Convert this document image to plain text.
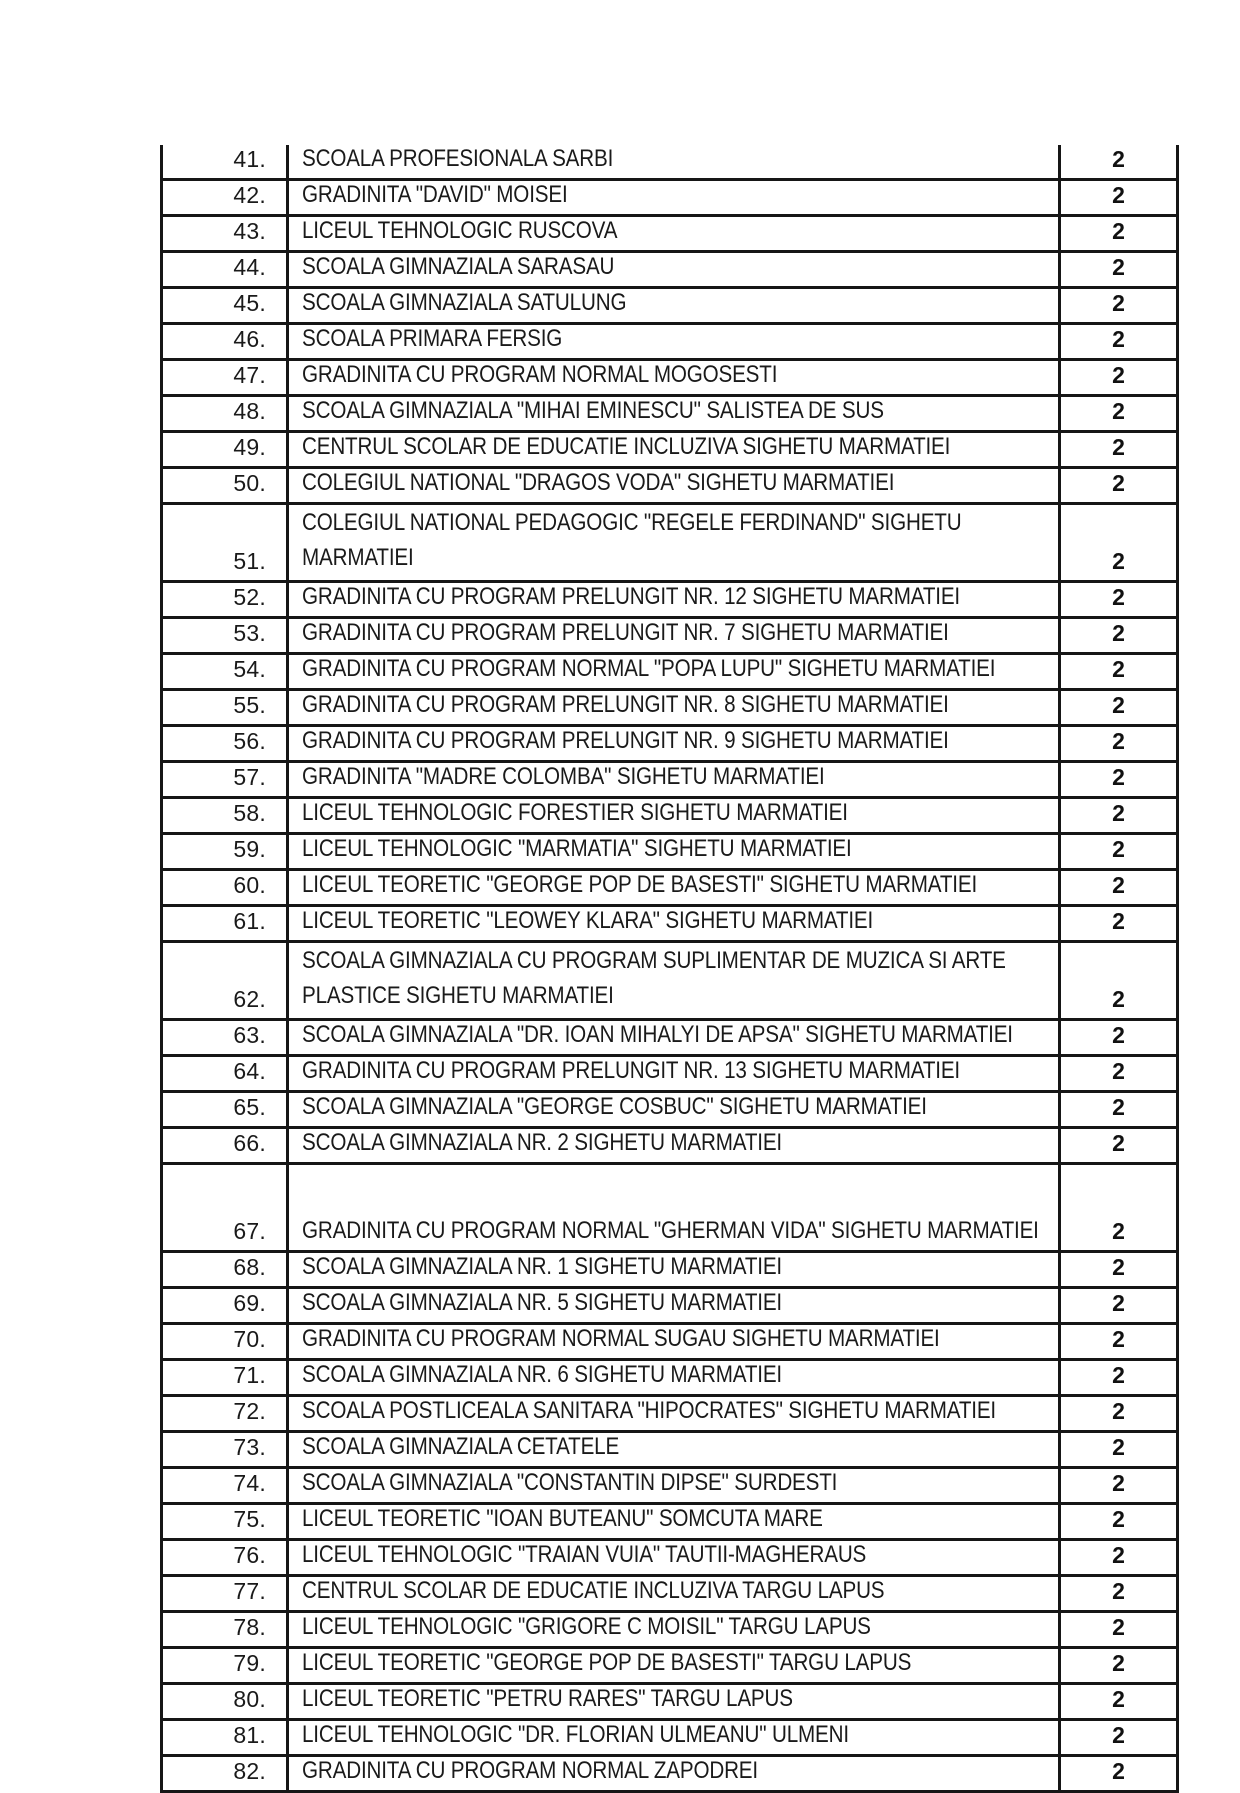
41.	SCOALA PROFESIONALA SARBI	2
42.	GRADINITA "DAVID" MOISEI	2
43.	LICEUL TEHNOLOGIC RUSCOVA	2
44.	SCOALA GIMNAZIALA SARASAU	2
45.	SCOALA GIMNAZIALA SATULUNG	2
46.	SCOALA PRIMARA FERSIG	2
47.	GRADINITA CU PROGRAM NORMAL MOGOSESTI	2
48.	SCOALA GIMNAZIALA "MIHAI EMINESCU" SALISTEA DE SUS	2
49.	CENTRUL SCOLAR DE EDUCATIE INCLUZIVA SIGHETU MARMATIEI	2
50.	COLEGIUL NATIONAL "DRAGOS VODA" SIGHETU MARMATIEI	2
51.	COLEGIUL NATIONAL PEDAGOGIC "REGELE FERDINAND" SIGHETU MARMATIEI	2
52.	GRADINITA CU PROGRAM PRELUNGIT NR. 12 SIGHETU MARMATIEI	2
53.	GRADINITA CU PROGRAM PRELUNGIT NR. 7 SIGHETU MARMATIEI	2
54.	GRADINITA CU PROGRAM NORMAL "POPA LUPU" SIGHETU MARMATIEI	2
55.	GRADINITA CU PROGRAM PRELUNGIT NR. 8 SIGHETU MARMATIEI	2
56.	GRADINITA CU PROGRAM PRELUNGIT NR. 9 SIGHETU MARMATIEI	2
57.	GRADINITA "MADRE COLOMBA" SIGHETU MARMATIEI	2
58.	LICEUL TEHNOLOGIC FORESTIER SIGHETU MARMATIEI	2
59.	LICEUL TEHNOLOGIC "MARMATIA" SIGHETU MARMATIEI	2
60.	LICEUL TEORETIC "GEORGE POP DE BASESTI" SIGHETU MARMATIEI	2
61.	LICEUL TEORETIC "LEOWEY KLARA" SIGHETU MARMATIEI	2
62.	SCOALA GIMNAZIALA CU PROGRAM SUPLIMENTAR DE MUZICA SI ARTE PLASTICE SIGHETU MARMATIEI	2
63.	SCOALA GIMNAZIALA "DR. IOAN MIHALYI DE APSA" SIGHETU MARMATIEI	2
64.	GRADINITA CU PROGRAM PRELUNGIT NR. 13 SIGHETU MARMATIEI	2
65.	SCOALA GIMNAZIALA "GEORGE COSBUC" SIGHETU MARMATIEI	2
66.	SCOALA GIMNAZIALA NR. 2 SIGHETU MARMATIEI	2
67.	GRADINITA CU PROGRAM NORMAL "GHERMAN VIDA" SIGHETU MARMATIEI	2
68.	SCOALA GIMNAZIALA NR. 1 SIGHETU MARMATIEI	2
69.	SCOALA GIMNAZIALA NR. 5 SIGHETU MARMATIEI	2
70.	GRADINITA CU PROGRAM NORMAL SUGAU SIGHETU MARMATIEI	2
71.	SCOALA GIMNAZIALA NR. 6 SIGHETU MARMATIEI	2
72.	SCOALA POSTLICEALA SANITARA "HIPOCRATES" SIGHETU MARMATIEI	2
73.	SCOALA GIMNAZIALA CETATELE	2
74.	SCOALA GIMNAZIALA "CONSTANTIN DIPSE" SURDESTI	2
75.	LICEUL TEORETIC "IOAN BUTEANU" SOMCUTA MARE	2
76.	LICEUL TEHNOLOGIC "TRAIAN VUIA" TAUTII-MAGHERAUS	2
77.	CENTRUL SCOLAR DE EDUCATIE INCLUZIVA TARGU LAPUS	2
78.	LICEUL TEHNOLOGIC "GRIGORE C MOISIL" TARGU LAPUS	2
79.	LICEUL TEORETIC "GEORGE POP DE BASESTI" TARGU LAPUS	2
80.	LICEUL TEORETIC "PETRU RARES" TARGU LAPUS	2
81.	LICEUL TEHNOLOGIC "DR. FLORIAN ULMEANU" ULMENI	2
82.	GRADINITA CU PROGRAM NORMAL ZAPODREI	2
